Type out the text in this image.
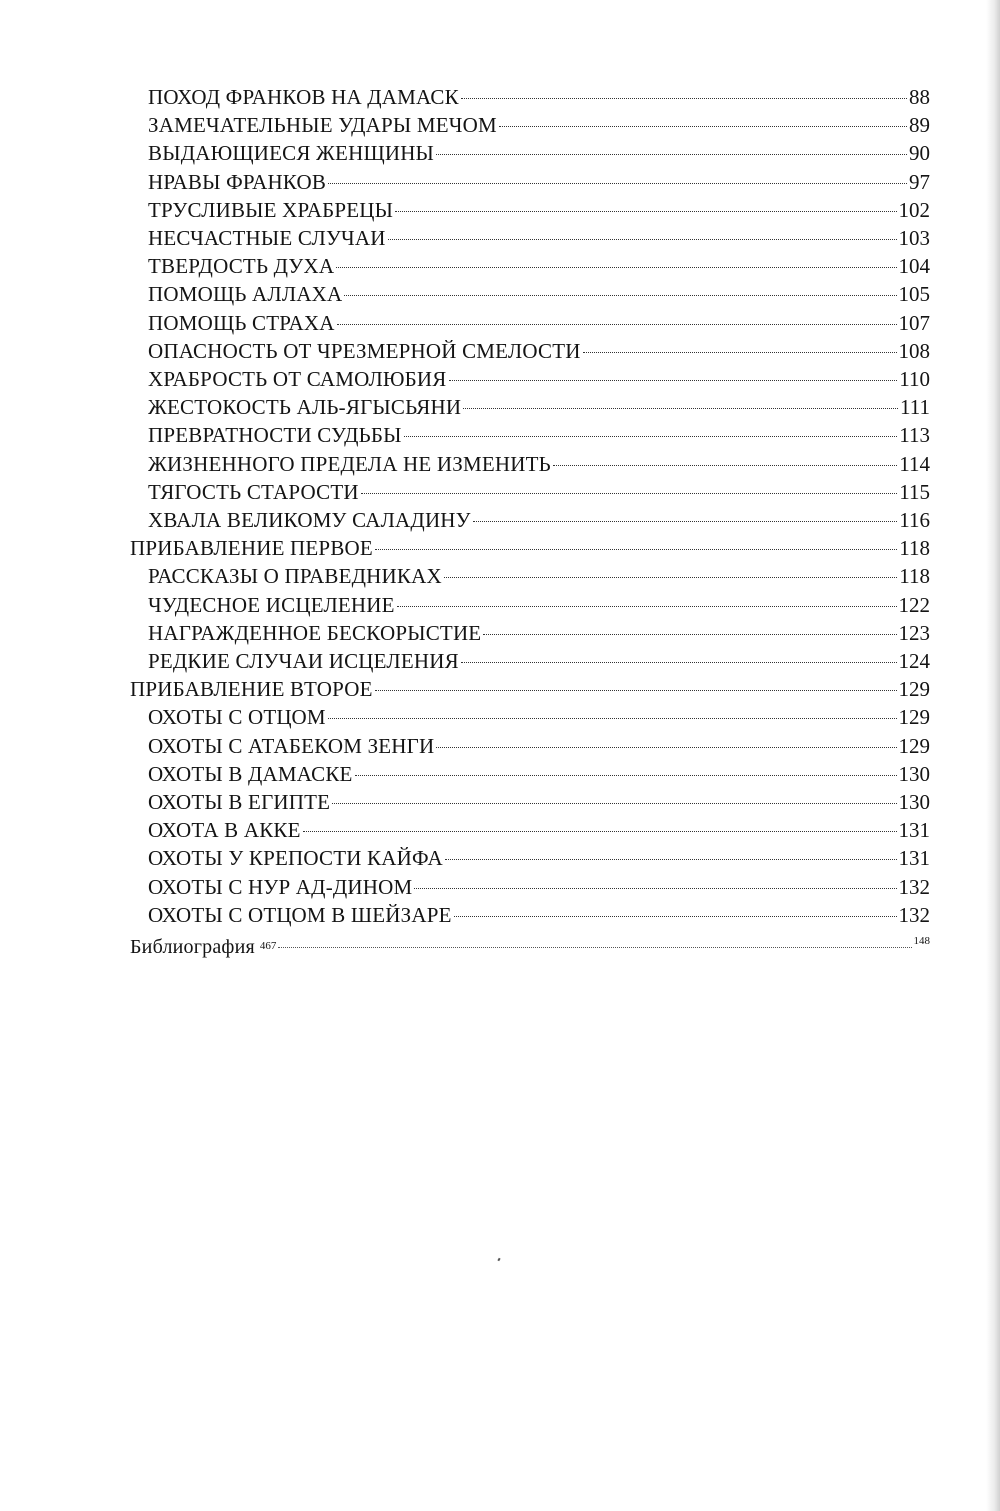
ПОХОД ФРАНКОВ НА ДАМАСК	88
ЗАМЕЧАТЕЛЬНЫЕ УДАРЫ МЕЧОМ	89
ВЫДАЮЩИЕСЯ ЖЕНЩИНЫ	90
НРАВЫ ФРАНКОВ	97
ТРУСЛИВЫЕ ХРАБРЕЦЫ	102
НЕСЧАСТНЫЕ СЛУЧАИ	103
ТВЕРДОСТЬ ДУХА	104
ПОМОЩЬ АЛЛАХА	105
ПОМОЩЬ СТРАХА	107
ОПАСНОСТЬ ОТ ЧРЕЗМЕРНОЙ СМЕЛОСТИ	108
ХРАБРОСТЬ ОТ САМОЛЮБИЯ	110
ЖЕСТОКОСТЬ АЛЬ-ЯГЫСЬЯНИ	111
ПРЕВРАТНОСТИ СУДЬБЫ	113
ЖИЗНЕННОГО ПРЕДЕЛА НЕ ИЗМЕНИТЬ	114
ТЯГОСТЬ СТАРОСТИ	115
ХВАЛА ВЕЛИКОМУ САЛАДИНУ	116
ПРИБАВЛЕНИЕ ПЕРВОЕ	118
РАССКАЗЫ О ПРАВЕДНИКАХ	118
ЧУДЕСНОЕ ИСЦЕЛЕНИЕ	122
НАГРАЖДЕННОЕ БЕСКОРЫСТИЕ	123
РЕДКИЕ СЛУЧАИ ИСЦЕЛЕНИЯ	124
ПРИБАВЛЕНИЕ ВТОРОЕ	129
ОХОТЫ С ОТЦОМ	129
ОХОТЫ С АТАБЕКОМ ЗЕНГИ	129
ОХОТЫ В ДАМАСКЕ	130
ОХОТЫ В ЕГИПТЕ	130
ОХОТА В АККЕ	131
ОХОТЫ У КРЕПОСТИ КАЙФА	131
ОХОТЫ С НУР АД-ДИНОМ	132
ОХОТЫ С ОТЦОМ В ШЕЙЗАРЕ	132
Библиография 467	148
